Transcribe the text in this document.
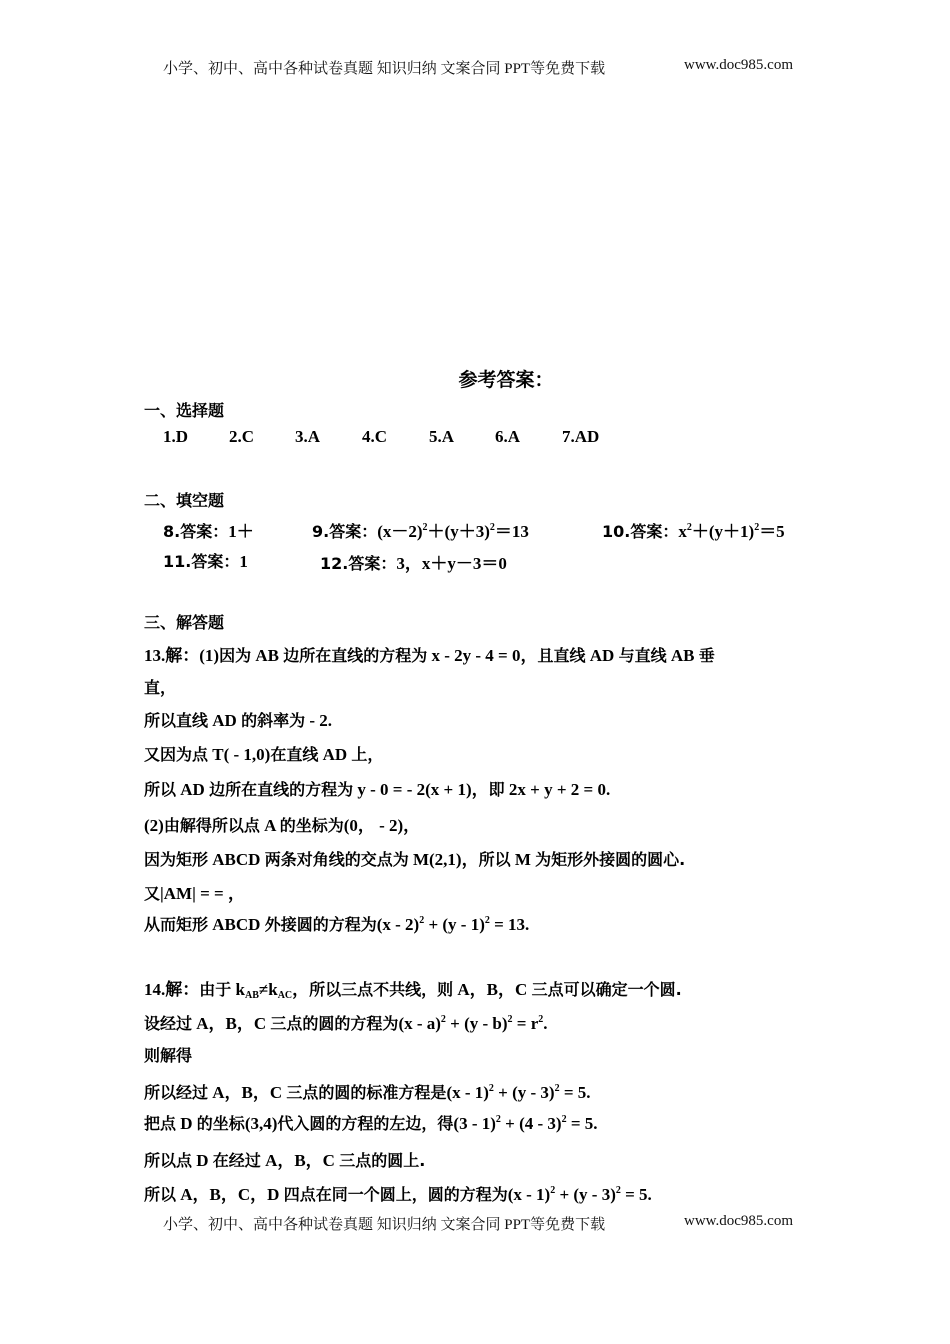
小学、初中、高中各种试卷真题 知识归纳 文案合同 PPT等免费下载	www.doc985.com
参考答案：
一、选择题
1.D	2.C	3.A	4.C	5.A	6.A	7.AD
二、填空题
8.答案：1＋	9.答案：$(x-2)^2+(y+3)^2=13$	10.答案：$x^2+(y+1)^2=5$
11.答案：1	12.答案：3，x＋y－3＝0
三、解答题
13.解：(1)因为 AB 边所在直线的方程为 x - 2y - 4 = 0，且直线 AD 与直线 AB 垂
直，
所以直线 AD 的斜率为 - 2.
又因为点 T( - 1,0)在直线 AD 上，
所以 AD 边所在直线的方程为 y - 0 = - 2(x + 1)，即 2x + y + 2 = 0.
(2)由解得所以点 A 的坐标为(0， - 2)，
因为矩形 ABCD 两条对角线的交点为 M(2,1)，所以 M 为矩形外接圆的圆心.
又|AM| = = ，
从而矩形 ABCD 外接圆的方程为(x - 2)$^2$ + (y - 1)$^2$ = 13.
14.解：由于 $k_{AB}\ne k_{AC}$，所以三点不共线，则 A，B，C 三点可以确定一个圆.
设经过 A，B，C 三点的圆的方程为$(x - a)^2 + (y - b)^2 = r^2$.
则解得
所以经过 A，B，C 三点的圆的标准方程是(x - 1)$^2$ + (y - 3)$^2$ = 5.
把点 D 的坐标(3,4)代入圆的方程的左边，得(3 - 1)$^2$ + (4 - 3)$^2$ = 5.
所以点 D 在经过 A，B，C 三点的圆上.
所以 A，B，C，D 四点在同一个圆上，圆的方程为(x - 1)$^2$ + (y - 3)$^2$ = 5.
小学、初中、高中各种试卷真题 知识归纳 文案合同 PPT等免费下载	www.doc985.com
